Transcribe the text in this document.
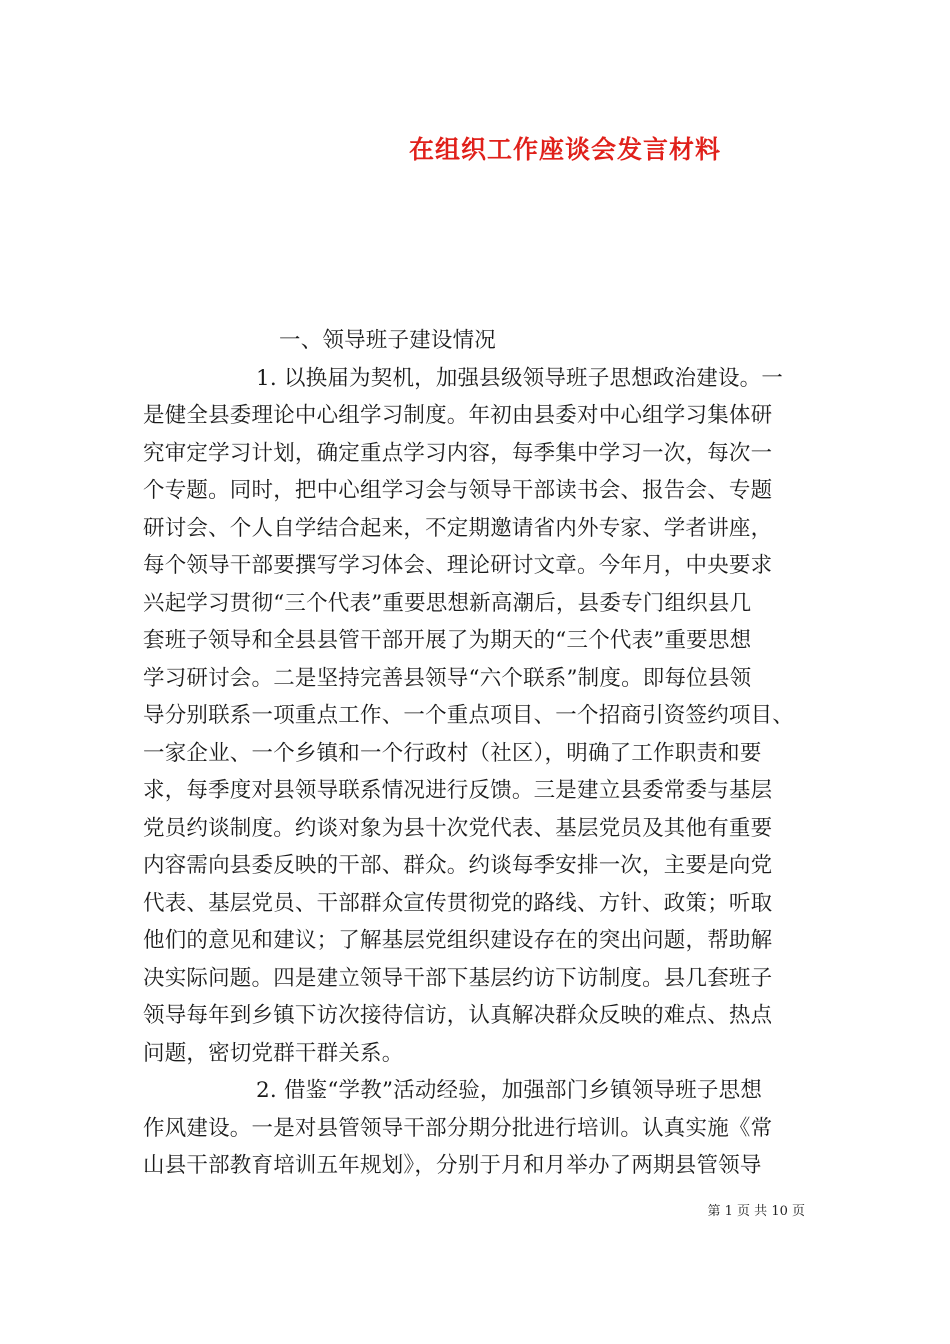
在组织工作座谈会发言材料
一、领导班子建设情况
1. 以换届为契机，加强县级领导班子思想政治建设。一
是健全县委理论中心组学习制度。年初由县委对中心组学习集体研
究审定学习计划，确定重点学习内容，每季集中学习一次，每次一
个专题。同时，把中心组学习会与领导干部读书会、报告会、专题
研讨会、个人自学结合起来，不定期邀请省内外专家、学者讲座，
每个领导干部要撰写学习体会、理论研讨文章。今年月，中央要求
兴起学习贯彻“三个代表”重要思想新高潮后，县委专门组织县几
套班子领导和全县县管干部开展了为期天的“三个代表”重要思想
学习研讨会。二是坚持完善县领导“六个联系”制度。即每位县领
导分别联系一项重点工作、一个重点项目、一个招商引资签约项目、
一家企业、一个乡镇和一个行政村（社区），明确了工作职责和要
求，每季度对县领导联系情况进行反馈。三是建立县委常委与基层
党员约谈制度。约谈对象为县十次党代表、基层党员及其他有重要
内容需向县委反映的干部、群众。约谈每季安排一次，主要是向党
代表、基层党员、干部群众宣传贯彻党的路线、方针、政策；听取
他们的意见和建议；了解基层党组织建设存在的突出问题，帮助解
决实际问题。四是建立领导干部下基层约访下访制度。县几套班子
领导每年到乡镇下访次接待信访，认真解决群众反映的难点、热点
问题，密切党群干群关系。
2. 借鉴“学教”活动经验，加强部门乡镇领导班子思想
作风建设。一是对县管领导干部分期分批进行培训。认真实施《常
山县干部教育培训五年规划》，分别于月和月举办了两期县管领导
第 1 页 共 10 页
